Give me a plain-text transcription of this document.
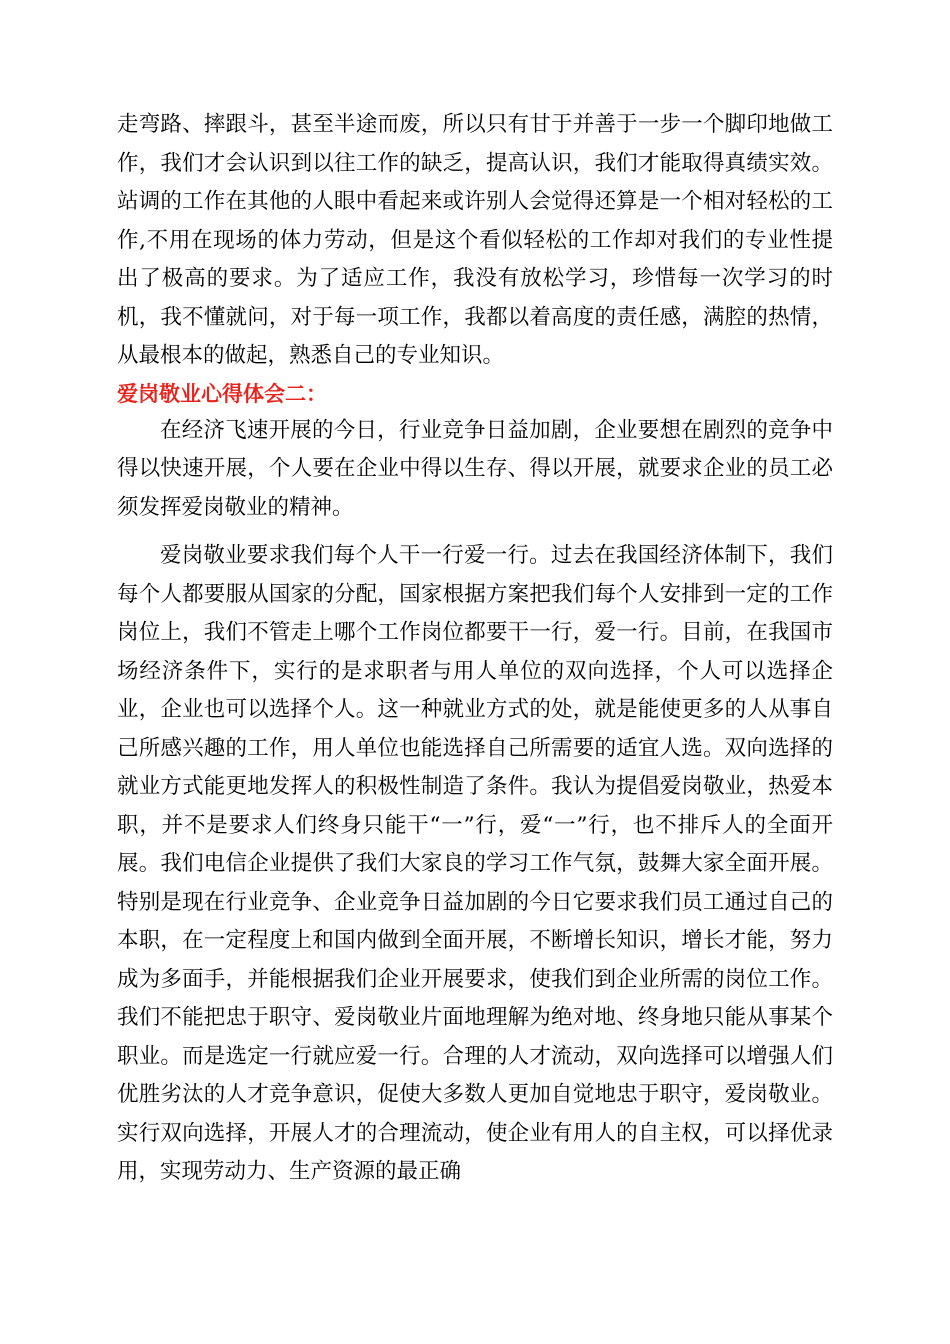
走弯路、摔跟斗，甚至半途而废，所以只有甘于并善于一步一个脚印地做工作，我们才会认识到以往工作的缺乏，提高认识，我们才能取得真绩实效。站调的工作在其他的人眼中看起来或许别人会觉得还算是一个相对轻松的工作,不用在现场的体力劳动，但是这个看似轻松的工作却对我们的专业性提出了极高的要求。为了适应工作，我没有放松学习，珍惜每一次学习的时机，我不懂就问，对于每一项工作，我都以着高度的责任感，满腔的热情，从最根本的做起，熟悉自己的专业知识。

爱岗敬业心得体会二：

在经济飞速开展的今日，行业竞争日益加剧，企业要想在剧烈的竞争中得以快速开展，个人要在企业中得以生存、得以开展，就要求企业的员工必须发挥爱岗敬业的精神。

爱岗敬业要求我们每个人干一行爱一行。过去在我国经济体制下，我们每个人都要服从国家的分配，国家根据方案把我们每个人安排到一定的工作岗位上，我们不管走上哪个工作岗位都要干一行，爱一行。目前，在我国市场经济条件下，实行的是求职者与用人单位的双向选择，个人可以选择企业，企业也可以选择个人。这一种就业方式的处，就是能使更多的人从事自己所感兴趣的工作，用人单位也能选择自己所需要的适宜人选。双向选择的就业方式能更地发挥人的积极性制造了条件。我认为提倡爱岗敬业，热爱本职，并不是要求人们终身只能干“一”行，爱“一”行，也不排斥人的全面开展。我们电信企业提供了我们大家良的学习工作气氛，鼓舞大家全面开展。特别是现在行业竞争、企业竞争日益加剧的今日它要求我们员工通过自己的本职，在一定程度上和国内做到全面开展，不断增长知识，增长才能，努力成为多面手，并能根据我们企业开展要求，使我们到企业所需的岗位工作。我们不能把忠于职守、爱岗敬业片面地理解为绝对地、终身地只能从事某个职业。而是选定一行就应爱一行。合理的人才流动，双向选择可以增强人们优胜劣汰的人才竞争意识，促使大多数人更加自觉地忠于职守，爱岗敬业。实行双向选择，开展人才的合理流动，使企业有用人的自主权，可以择优录用，实现劳动力、生产资源的最正确
